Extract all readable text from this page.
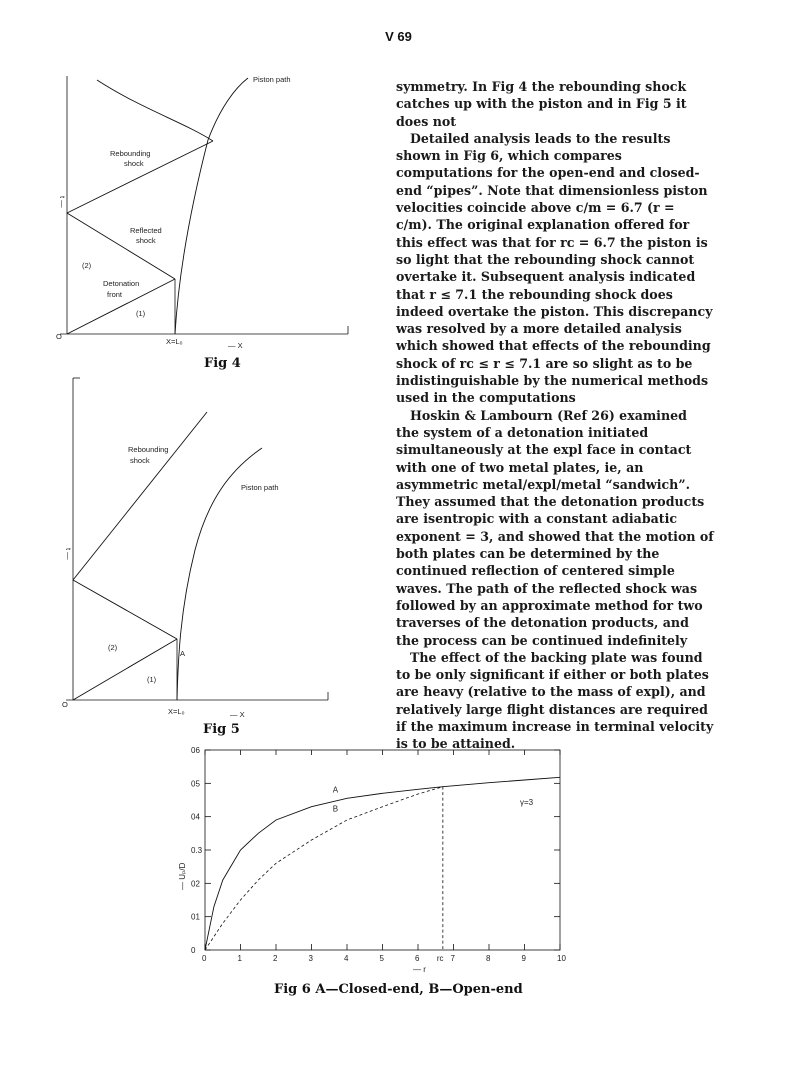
V 69
Piston path
Rebounding
shock
Reflected
shock
(2)
Detonation
front
(1)
O
X=L₀	— X
t —
Fig 4
Rebounding
shock
Piston path
A
(2)
(1)
O
X=L₀	— X
t —
Fig 5

symmetry. In Fig 4 the rebounding shock catches up with the piston and in Fig 5 it does not

Detailed analysis leads to the results shown in Fig 6, which compares computations for the open-end and closed-end “pipes”. Note that dimensionless piston velocities coincide above c/m = 6.7 (r = c/m). The original explanation offered for this effect was that for rᴄ = 6.7 the piston is so light that the rebounding shock cannot overtake it. Subsequent analysis indicated that r ≤ 7.1 the rebounding shock does indeed overtake the piston. This discrepancy was resolved by a more detailed analysis which showed that effects of the rebounding shock of rᴄ ≤ r ≤ 7.1 are so slight as to be indistinguishable by the numerical methods used in the computations

Hoskin & Lambourn (Ref 26) examined the system of a detonation initiated simultaneously at the expl face in contact with one of two metal plates, ie, an asymmetric metal/expl/metal “sandwich”. They assumed that the detonation products are isentropic with a constant adiabatic exponent = 3, and showed that the motion of both plates can be determined by the continued reflection of centered simple waves. The path of the reflected shock was followed by an approximate method for two traverses of the detonation products, and the process can be continued indefinitely

The effect of the backing plate was found to be only significant if either or both plates are heavy (relative to the mass of expl), and relatively large flight distances are required if the maximum increase in terminal velocity is to be attained.

A
B
γ=3
— r
— Uₚ/D
0	1	2	3	4	5	6	7	8	9	10
rᴄ
0
01
02
0.3
04
05
06
Fig 6 A—Closed-end, B—Open-end
